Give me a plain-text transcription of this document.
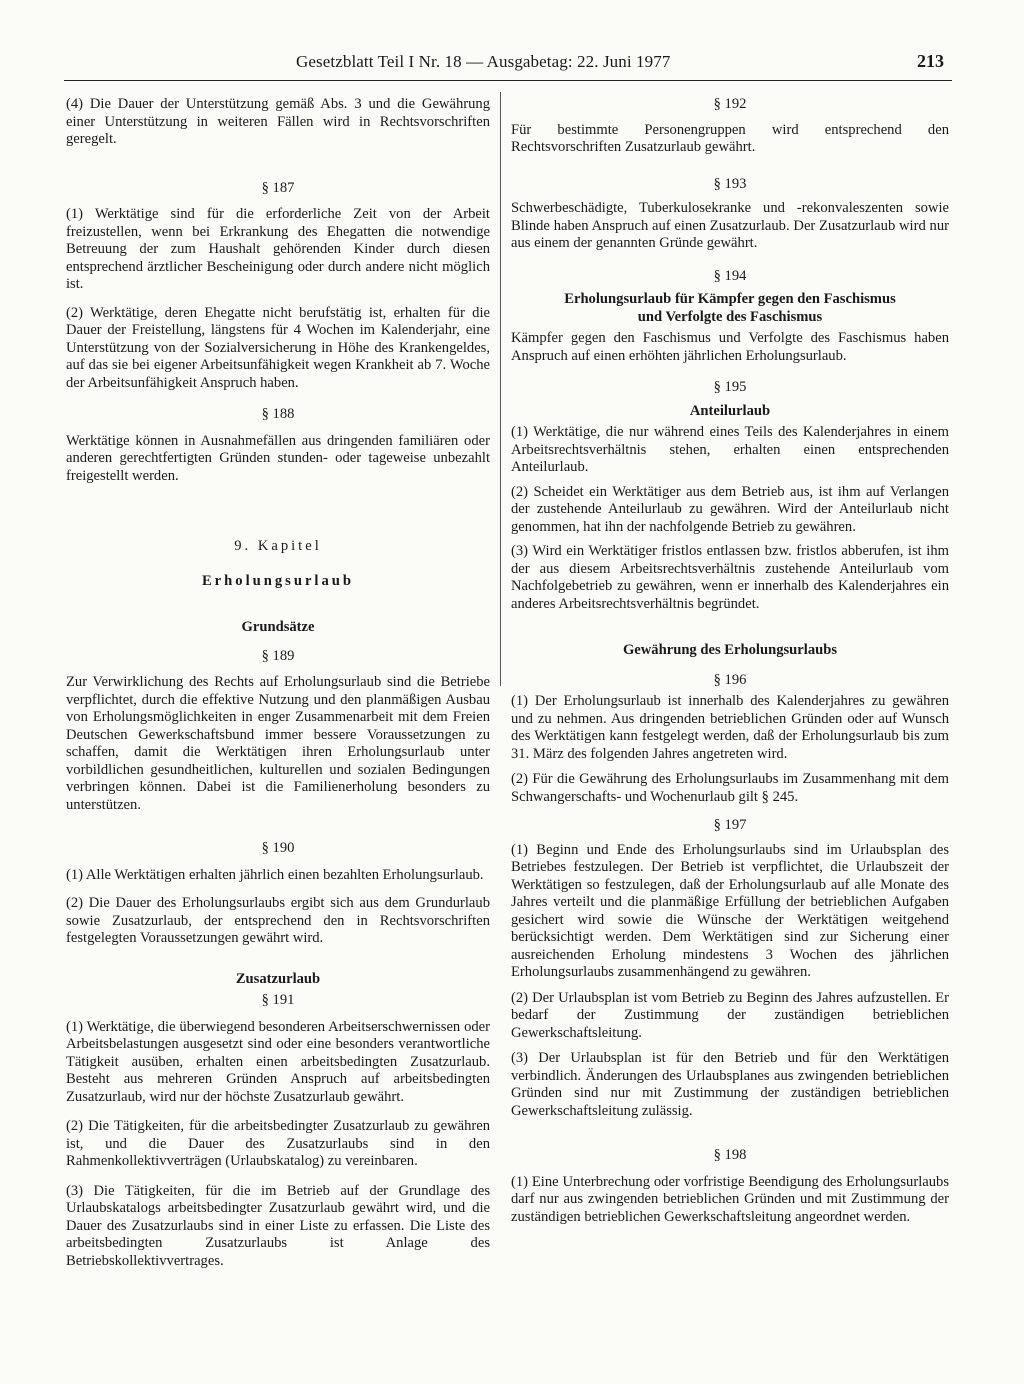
Gesetzblatt Teil I Nr. 18 — Ausgabetag: 22. Juni 1977	213

(4) Die Dauer der Unterstützung gemäß Abs. 3 und die Gewährung einer Unterstützung in weiteren Fällen wird in Rechtsvorschriften geregelt.

§ 187

(1) Werktätige sind für die erforderliche Zeit von der Arbeit freizustellen, wenn bei Erkrankung des Ehegatten die notwendige Betreuung der zum Haushalt gehörenden Kinder durch diesen entsprechend ärztlicher Bescheinigung oder durch andere nicht möglich ist.

(2) Werktätige, deren Ehegatte nicht berufstätig ist, erhalten für die Dauer der Freistellung, längstens für 4 Wochen im Kalenderjahr, eine Unterstützung von der Sozialversicherung in Höhe des Krankengeldes, auf das sie bei eigener Arbeitsunfähigkeit wegen Krankheit ab 7. Woche der Arbeitsunfähigkeit Anspruch haben.

§ 188

Werktätige können in Ausnahmefällen aus dringenden familiären oder anderen gerechtfertigten Gründen stunden- oder tageweise unbezahlt freigestellt werden.

9. Kapitel

Erholungsurlaub

Grundsätze

§ 189

Zur Verwirklichung des Rechts auf Erholungsurlaub sind die Betriebe verpflichtet, durch die effektive Nutzung und den planmäßigen Ausbau von Erholungsmöglichkeiten in enger Zusammenarbeit mit dem Freien Deutschen Gewerkschaftsbund immer bessere Voraussetzungen zu schaffen, damit die Werktätigen ihren Erholungsurlaub unter vorbildlichen gesundheitlichen, kulturellen und sozialen Bedingungen verbringen können. Dabei ist die Familienerholung besonders zu unterstützen.

§ 190

(1) Alle Werktätigen erhalten jährlich einen bezahlten Erholungsurlaub.

(2) Die Dauer des Erholungsurlaubs ergibt sich aus dem Grundurlaub sowie Zusatzurlaub, der entsprechend den in Rechtsvorschriften festgelegten Voraussetzungen gewährt wird.

Zusatzurlaub

§ 191

(1) Werktätige, die überwiegend besonderen Arbeitserschwernissen oder Arbeitsbelastungen ausgesetzt sind oder eine besonders verantwortliche Tätigkeit ausüben, erhalten einen arbeitsbedingten Zusatzurlaub. Besteht aus mehreren Gründen Anspruch auf arbeitsbedingten Zusatzurlaub, wird nur der höchste Zusatzurlaub gewährt.

(2) Die Tätigkeiten, für die arbeitsbedingter Zusatzurlaub zu gewähren ist, und die Dauer des Zusatzurlaubs sind in den Rahmenkollektivverträgen (Urlaubskatalog) zu vereinbaren.

(3) Die Tätigkeiten, für die im Betrieb auf der Grundlage des Urlaubskatalogs arbeitsbedingter Zusatzurlaub gewährt wird, und die Dauer des Zusatzurlaubs sind in einer Liste zu erfassen. Die Liste des arbeitsbedingten Zusatzurlaubs ist Anlage des Betriebskollektivvertrages.

§ 192

Für bestimmte Personengruppen wird entsprechend den Rechtsvorschriften Zusatzurlaub gewährt.

§ 193

Schwerbeschädigte, Tuberkulosekranke und -rekonvaleszenten sowie Blinde haben Anspruch auf einen Zusatzurlaub. Der Zusatzurlaub wird nur aus einem der genannten Gründe gewährt.

§ 194

Erholungsurlaub für Kämpfer gegen den Faschismus

und Verfolgte des Faschismus

Kämpfer gegen den Faschismus und Verfolgte des Faschismus haben Anspruch auf einen erhöhten jährlichen Erholungsurlaub.

§ 195

Anteilurlaub

(1) Werktätige, die nur während eines Teils des Kalenderjahres in einem Arbeitsrechtsverhältnis stehen, erhalten einen entsprechenden Anteilurlaub.

(2) Scheidet ein Werktätiger aus dem Betrieb aus, ist ihm auf Verlangen der zustehende Anteilurlaub zu gewähren. Wird der Anteilurlaub nicht genommen, hat ihn der nachfolgende Betrieb zu gewähren.

(3) Wird ein Werktätiger fristlos entlassen bzw. fristlos abberufen, ist ihm der aus diesem Arbeitsrechtsverhältnis zustehende Anteilurlaub vom Nachfolgebetrieb zu gewähren, wenn er innerhalb des Kalenderjahres ein anderes Arbeitsrechtsverhältnis begründet.

Gewährung des Erholungsurlaubs

§ 196

(1) Der Erholungsurlaub ist innerhalb des Kalenderjahres zu gewähren und zu nehmen. Aus dringenden betrieblichen Gründen oder auf Wunsch des Werktätigen kann festgelegt werden, daß der Erholungsurlaub bis zum 31. März des folgenden Jahres angetreten wird.

(2) Für die Gewährung des Erholungsurlaubs im Zusammenhang mit dem Schwangerschafts- und Wochenurlaub gilt § 245.

§ 197

(1) Beginn und Ende des Erholungsurlaubs sind im Urlaubsplan des Betriebes festzulegen. Der Betrieb ist verpflichtet, die Urlaubszeit der Werktätigen so festzulegen, daß der Erholungsurlaub auf alle Monate des Jahres verteilt und die planmäßige Erfüllung der betrieblichen Aufgaben gesichert wird sowie die Wünsche der Werktätigen weitgehend berücksichtigt werden. Dem Werktätigen sind zur Sicherung einer ausreichenden Erholung mindestens 3 Wochen des jährlichen Erholungsurlaubs zusammenhängend zu gewähren.

(2) Der Urlaubsplan ist vom Betrieb zu Beginn des Jahres aufzustellen. Er bedarf der Zustimmung der zuständigen betrieblichen Gewerkschaftsleitung.

(3) Der Urlaubsplan ist für den Betrieb und für den Werktätigen verbindlich. Änderungen des Urlaubsplanes aus zwingenden betrieblichen Gründen sind nur mit Zustimmung der zuständigen betrieblichen Gewerkschaftsleitung zulässig.

§ 198

(1) Eine Unterbrechung oder vorfristige Beendigung des Erholungsurlaubs darf nur aus zwingenden betrieblichen Gründen und mit Zustimmung der zuständigen betrieblichen Gewerkschaftsleitung angeordnet werden.
